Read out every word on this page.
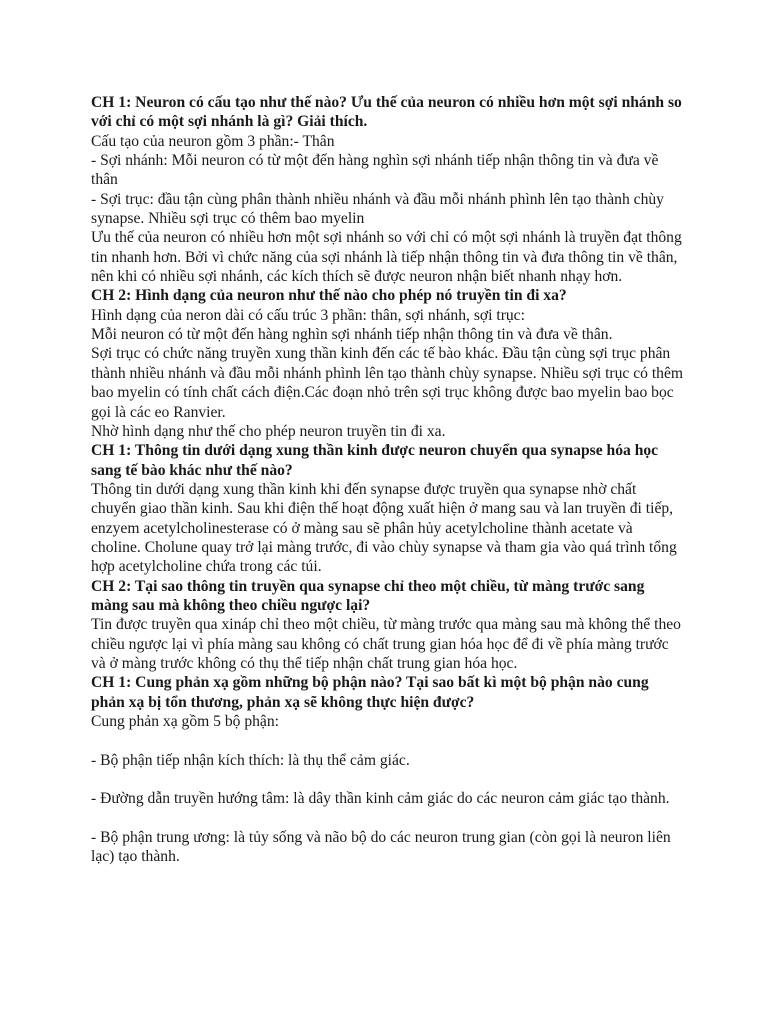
CH 1: Neuron có cấu tạo như thế nào? Ưu thế của neuron có nhiều hơn một sợi nhánh so với chỉ có một sợi nhánh là gì? Giải thích.
Cấu tạo của neuron gồm 3 phần:- Thân
- Sợi nhánh: Mỗi neuron có từ một đến hàng nghìn sợi nhánh tiếp nhận thông tin và đưa về thân
- Sợi trục: đầu tận cùng phân thành nhiều nhánh và đầu mỗi nhánh phình lên tạo thành chùy synapse. Nhiều sợi trục có thêm bao myelin
Ưu thế của neuron có nhiều hơn một sợi nhánh so với chỉ có một sợi nhánh là truyền đạt thông tin nhanh hơn. Bởi vì chức năng của sợi nhánh là tiếp nhận thông tin và đưa thông tin về thân, nên khi có nhiều sợi nhánh, các kích thích sẽ được neuron nhận biết nhanh nhạy hơn.
CH 2: Hình dạng của neuron như thế nào cho phép nó truyền tin đi xa?
Hình dạng của neron dài có cấu trúc 3 phần: thân, sợi nhánh, sợi trục:
Mỗi neuron có từ một đến hàng nghìn sợi nhánh tiếp nhận thông tin và đưa về thân.
Sợi trục có chức năng truyền xung thần kinh đến các tế bào khác. Đầu tận cùng sợi trục phân thành nhiều nhánh và đầu mỗi nhánh phình lên tạo thành chùy synapse. Nhiều sợi trục có thêm bao myelin có tính chất cách điện.Các đoạn nhỏ trên sợi trục không được bao myelin bao bọc gọi là các eo Ranvier.
Nhờ hình dạng như thế cho phép neuron truyền tin đi xa.
CH 1: Thông tin dưới dạng xung thần kinh được neuron chuyển qua synapse hóa học sang tế bào khác như thế nào?
Thông tin dưới dạng xung thần kinh khi đến synapse được truyền qua synapse nhờ chất chuyển giao thần kinh. Sau khi điện thế hoạt động xuất hiện ở mang sau và lan truyền đi tiếp, enzyem acetylcholinesterase có ở màng sau sẽ phân hủy acetylcholine thành acetate và choline. Cholune quay trở lại màng trước, đi vào chùy synapse và tham gia vào quá trình tổng hợp acetylcholine chứa trong các túi.
CH 2: Tại sao thông tin truyền qua synapse chỉ theo một chiều, từ màng trước sang màng sau mà không theo chiều ngược lại?
Tin được truyền qua xináp chỉ theo một chiều, từ màng trước qua màng sau mà không thể theo chiều ngược lại vì phía màng sau không có chất trung gian hóa học để đi về phía màng trước và ở màng trước không có thụ thể tiếp nhận chất trung gian hóa học.
CH 1: Cung phản xạ gồm những bộ phận nào? Tại sao bất kì một bộ phận nào cung phản xạ bị tổn thương, phản xạ sẽ không thực hiện được?
Cung phản xạ gồm 5 bộ phận:
- Bộ phận tiếp nhận kích thích: là thụ thể cảm giác.
- Đường dẫn truyền hướng tâm: là dây thần kinh cảm giác do các neuron cảm giác tạo thành.
- Bộ phận trung ương: là tủy sống và não bộ do các neuron trung gian (còn gọi là neuron liên lạc) tạo thành.
